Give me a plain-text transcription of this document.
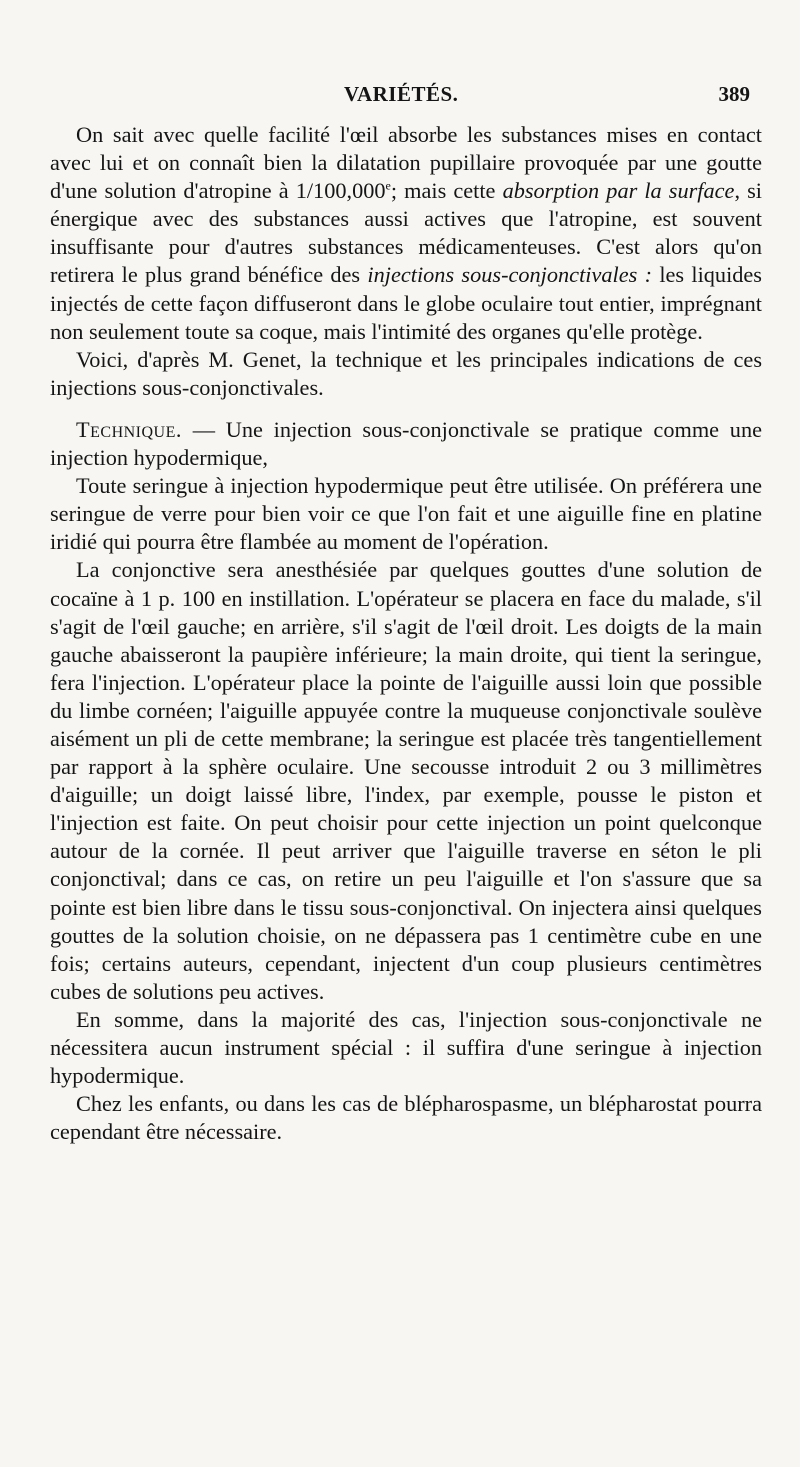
VARIÉTÉS.	389

On sait avec quelle facilité l'œil absorbe les substances mises en contact avec lui et on connaît bien la dilatation pupillaire provoquée par une goutte d'une solution d'atropine à 1/100,000e; mais cette absorption par la surface, si énergique avec des substances aussi actives que l'atropine, est souvent insuffisante pour d'autres substances médicamenteuses. C'est alors qu'on retirera le plus grand bénéfice des injections sous-conjonctivales : les liquides injectés de cette façon diffuseront dans le globe oculaire tout entier, imprégnant non seulement toute sa coque, mais l'intimité des organes qu'elle protège.

Voici, d'après M. Genet, la technique et les principales indications de ces injections sous-conjonctivales.

Technique. — Une injection sous-conjonctivale se pratique comme une injection hypodermique,

Toute seringue à injection hypodermique peut être utilisée. On préférera une seringue de verre pour bien voir ce que l'on fait et une aiguille fine en platine iridié qui pourra être flambée au moment de l'opération.

La conjonctive sera anesthésiée par quelques gouttes d'une solution de cocaïne à 1 p. 100 en instillation. L'opérateur se placera en face du malade, s'il s'agit de l'œil gauche; en arrière, s'il s'agit de l'œil droit. Les doigts de la main gauche abaisseront la paupière inférieure; la main droite, qui tient la seringue, fera l'injection. L'opérateur place la pointe de l'aiguille aussi loin que possible du limbe cornéen; l'aiguille appuyée contre la muqueuse conjonctivale soulève aisément un pli de cette membrane; la seringue est placée très tangentiellement par rapport à la sphère oculaire. Une secousse introduit 2 ou 3 millimètres d'aiguille; un doigt laissé libre, l'index, par exemple, pousse le piston et l'injection est faite. On peut choisir pour cette injection un point quelconque autour de la cornée. Il peut arriver que l'aiguille traverse en séton le pli conjonctival; dans ce cas, on retire un peu l'aiguille et l'on s'assure que sa pointe est bien libre dans le tissu sous-conjonctival. On injectera ainsi quelques gouttes de la solution choisie, on ne dépassera pas 1 centimètre cube en une fois; certains auteurs, cependant, injectent d'un coup plusieurs centimètres cubes de solutions peu actives.

En somme, dans la majorité des cas, l'injection sous-conjonctivale ne nécessitera aucun instrument spécial : il suffira d'une seringue à injection hypodermique.

Chez les enfants, ou dans les cas de blépharospasme, un blépharostat pourra cependant être nécessaire.
